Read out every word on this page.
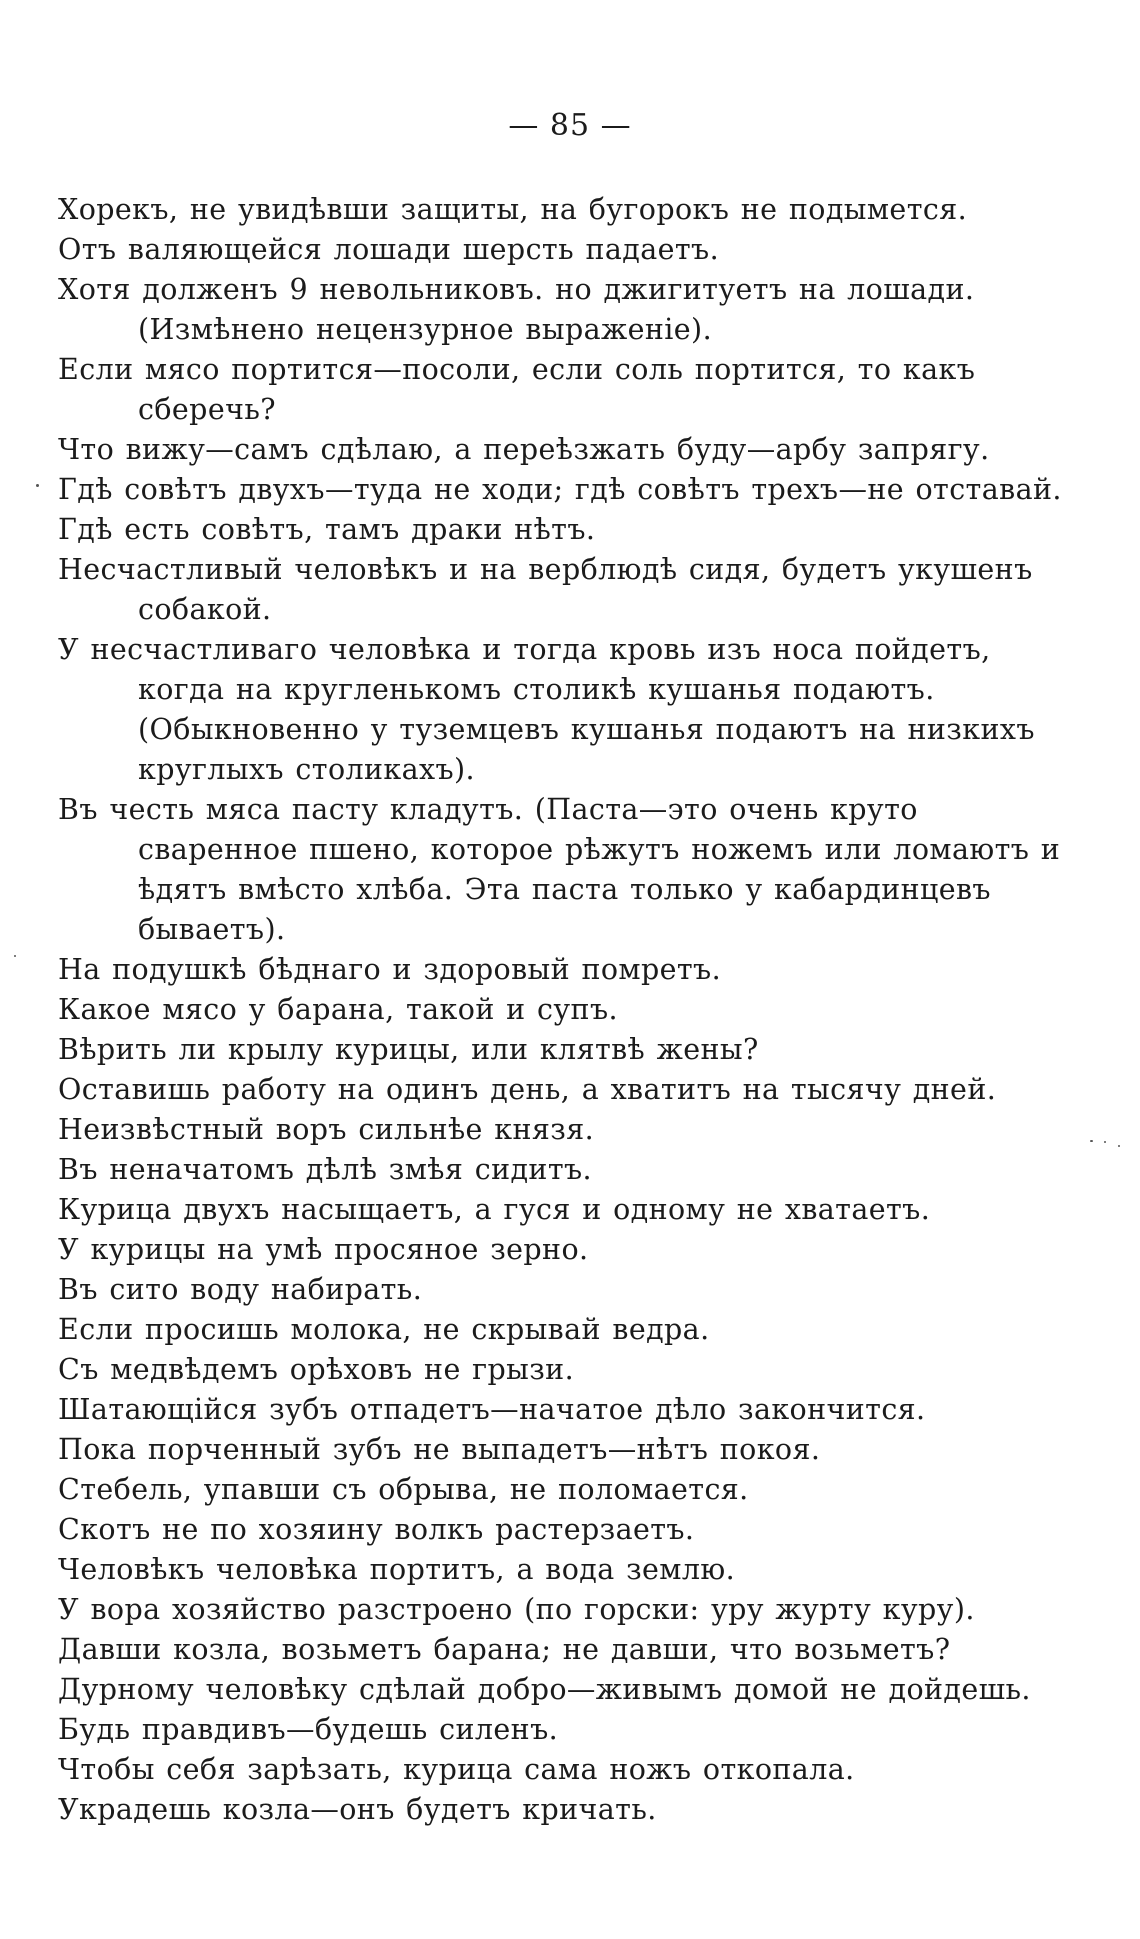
— 85 —

Хорекъ, не увидѣвши защиты, на бугорокъ не подымется.

Отъ валяющейся лошади шерсть падаетъ.

Хотя долженъ 9 невольниковъ. но джигитуетъ на лошади. (Измѣнено нецензурное выраженіе).

Если мясо портится—посоли, если соль портится, то какъ сберечь?

Что вижу—самъ сдѣлаю, а переѣзжать буду—арбу запрягу.

Гдѣ совѣтъ двухъ—туда не ходи; гдѣ совѣтъ трехъ—не отставай.

Гдѣ есть совѣтъ, тамъ драки нѣтъ.

Несчастливый человѣкъ и на верблюдѣ сидя, будетъ укушенъ собакой.

У несчастливаго человѣка и тогда кровь изъ носа пойдетъ, когда на кругленькомъ столикѣ кушанья подаютъ. (Обыкновенно у туземцевъ кушанья подаютъ на низкихъ круглыхъ столикахъ).

Въ честь мяса пасту кладутъ. (Паста—это очень круто сваренное пшено, которое рѣжутъ ножемъ или ломаютъ и ѣдятъ вмѣсто хлѣба. Эта паста только у кабардинцевъ бываетъ).

На подушкѣ бѣднаго и здоровый помретъ.

Какое мясо у барана, такой и супъ.

Вѣрить ли крылу курицы, или клятвѣ жены?

Оставишь работу на одинъ день, а хватитъ на тысячу дней.

Неизвѣстный воръ сильнѣе князя.

Въ неначатомъ дѣлѣ змѣя сидитъ.

Курица двухъ насыщаетъ, а гуся и одному не хватаетъ.

У курицы на умѣ просяное зерно.

Въ сито воду набирать.

Если просишь молока, не скрывай ведра.

Съ медвѣдемъ орѣховъ не грызи.

Шатающійся зубъ отпадетъ—начатое дѣло закончится.

Пока порченный зубъ не выпадетъ—нѣтъ покоя.

Стебель, упавши съ обрыва, не поломается.

Скотъ не по хозяину волкъ растерзаетъ.

Человѣкъ человѣка портитъ, а вода землю.

У вора хозяйство разстроено (по горски: уру журту куру).

Давши козла, возьметъ барана; не давши, что возьметъ?

Дурному человѣку сдѣлай добро—живымъ домой не дойдешь.

Будь правдивъ—будешь силенъ.

Чтобы себя зарѣзать, курица сама ножъ откопала.

Украдешь козла—онъ будетъ кричать.
